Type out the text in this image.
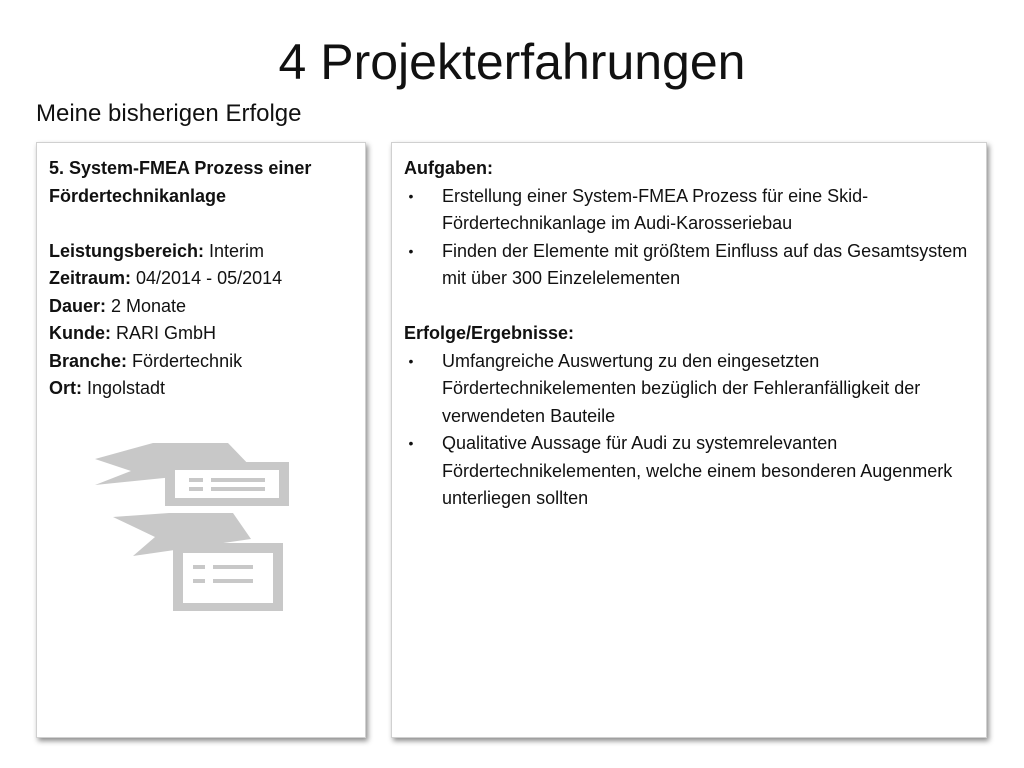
4 Projekterfahrungen
Meine bisherigen Erfolge

5. System-FMEA Prozess einer Fördertechnikanlage

Leistungsbereich: Interim

Zeitraum: 04/2014 - 05/2014

Dauer: 2 Monate

Kunde: RARI GmbH

Branche: Fördertechnik

Ort: Ingolstadt

Aufgaben:

• Erstellung einer System-FMEA Prozess für eine Skid-Fördertechnikanlage im Audi-Karosseriebau
• Finden der Elemente mit größtem Einfluss auf das Gesamtsystem mit über 300 Einzelelementen

Erfolge/Ergebnisse:

• Umfangreiche Auswertung zu den eingesetzten Fördertechnikelementen bezüglich der Fehleranfälligkeit der verwendeten Bauteile
• Qualitative Aussage für Audi zu systemrelevanten Fördertechnikelementen, welche einem besonderen Augenmerk unterliegen sollten
